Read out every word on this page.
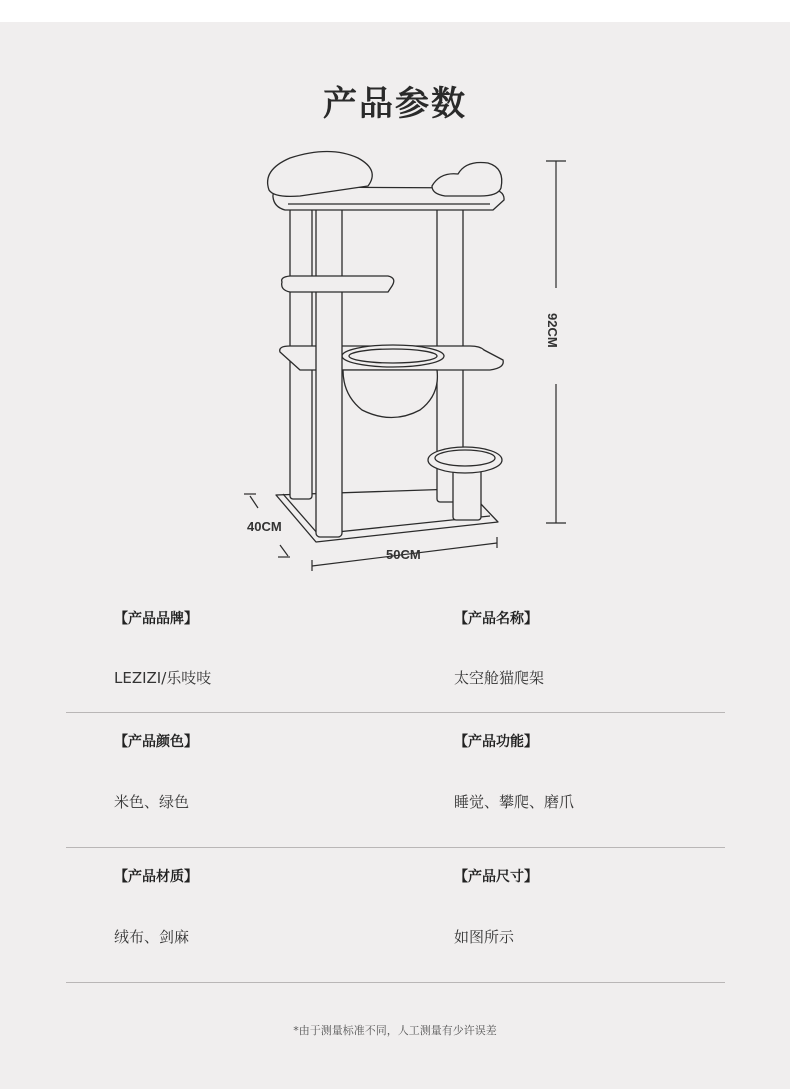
产品参数
92CM
40CM
50CM
【产品品牌】
LEZIZI/乐吱吱
【产品名称】
太空舱猫爬架
【产品颜色】
米色、绿色
【产品功能】
睡觉、攀爬、磨爪
【产品材质】
绒布、剑麻
【产品尺寸】
如图所示
*由于测量标准不同，人工测量有少许误差
